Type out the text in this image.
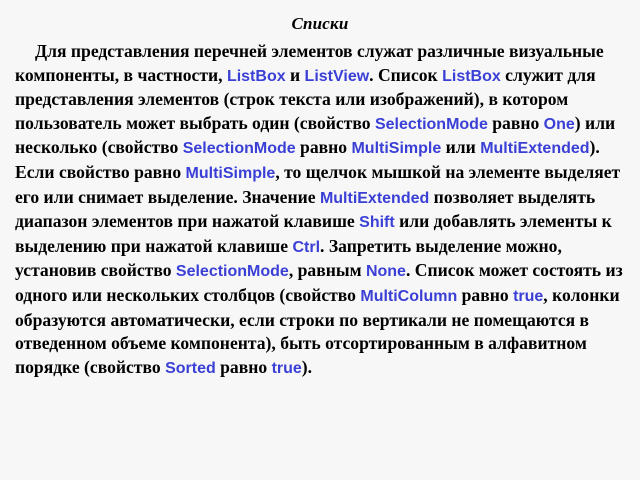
Списки
Для представления перечней элементов служат различные визуальные компоненты, в частности, ListBox и ListView. Список ListBox служит для представления элементов (строк текста или изображений), в котором пользователь может выбрать один (свойство SelectionMode равно One) или несколько (свойство SelectionMode равно MultiSimple или MultiExtended). Если свойство равно MultiSimple, то щелчок мышкой на элементе выделяет его или снимает выделение. Значение MultiExtended позволяет выделять диапазон элементов при нажатой клавише Shift или добавлять элементы к выделению при нажатой клавише Ctrl. Запретить выделение можно, установив свойство SelectionMode, равным None. Список может состоять из одного или нескольких столбцов (свойство MultiColumn равно true, колонки образуются автоматически, если строки по вертикали не помещаются в отведенном объеме компонента), быть отсортированным в алфавитном порядке (свойство Sorted равно true).
